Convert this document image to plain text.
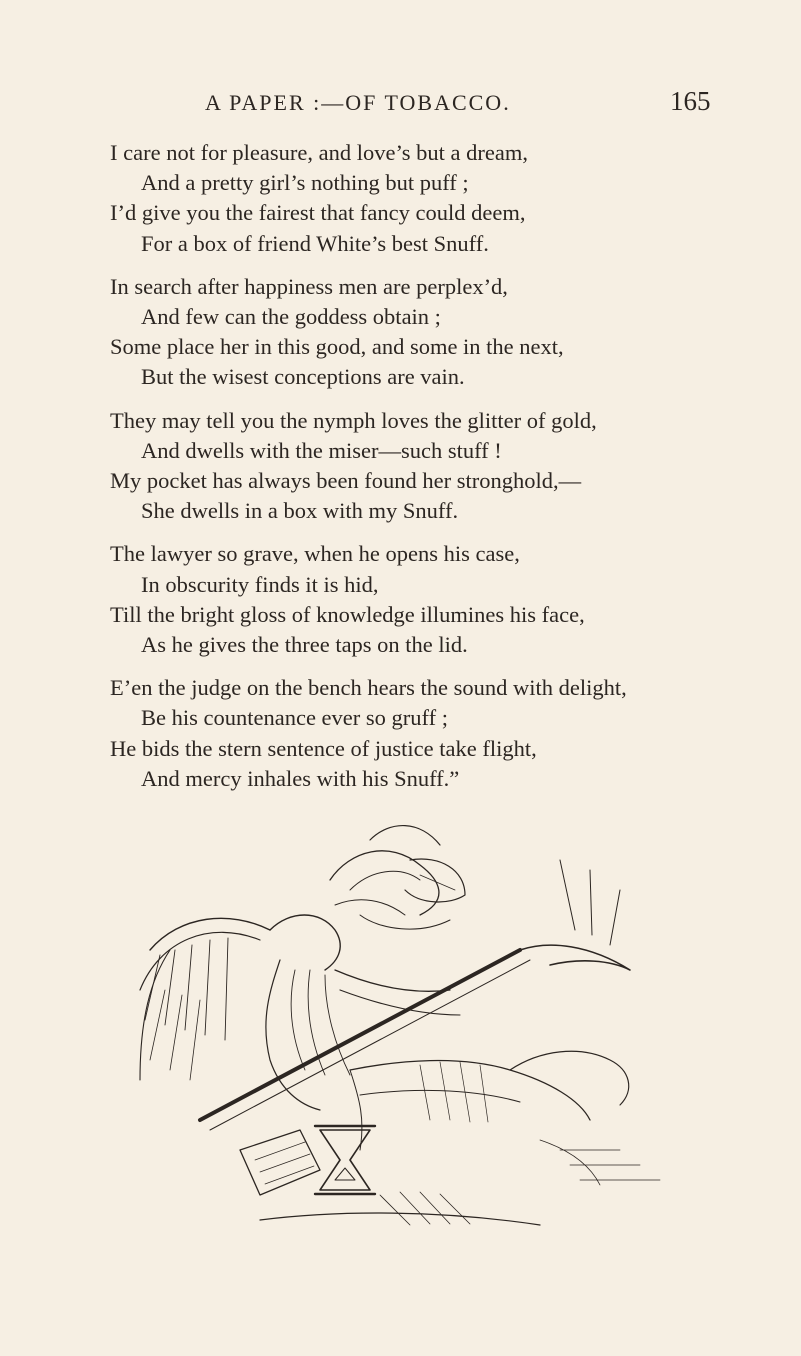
A PAPER :—OF TOBACCO.	165
I care not for pleasure, and love’s but a dream,
And a pretty girl’s nothing but puff ;
I’d give you the fairest that fancy could deem,
For a box of friend White’s best Snuff.
In search after happiness men are perplex’d,
And few can the goddess obtain ;
Some place her in this good, and some in the next,
But the wisest conceptions are vain.
They may tell you the nymph loves the glitter of gold,
And dwells with the miser—such stuff !
My pocket has always been found her stronghold,—
She dwells in a box with my Snuff.
The lawyer so grave, when he opens his case,
In obscurity finds it is hid,
Till the bright gloss of knowledge illumines his face,
As he gives the three taps on the lid.
E’en the judge on the bench hears the sound with delight,
Be his countenance ever so gruff ;
He bids the stern sentence of justice take flight,
And mercy inhales with his Snuff.”
